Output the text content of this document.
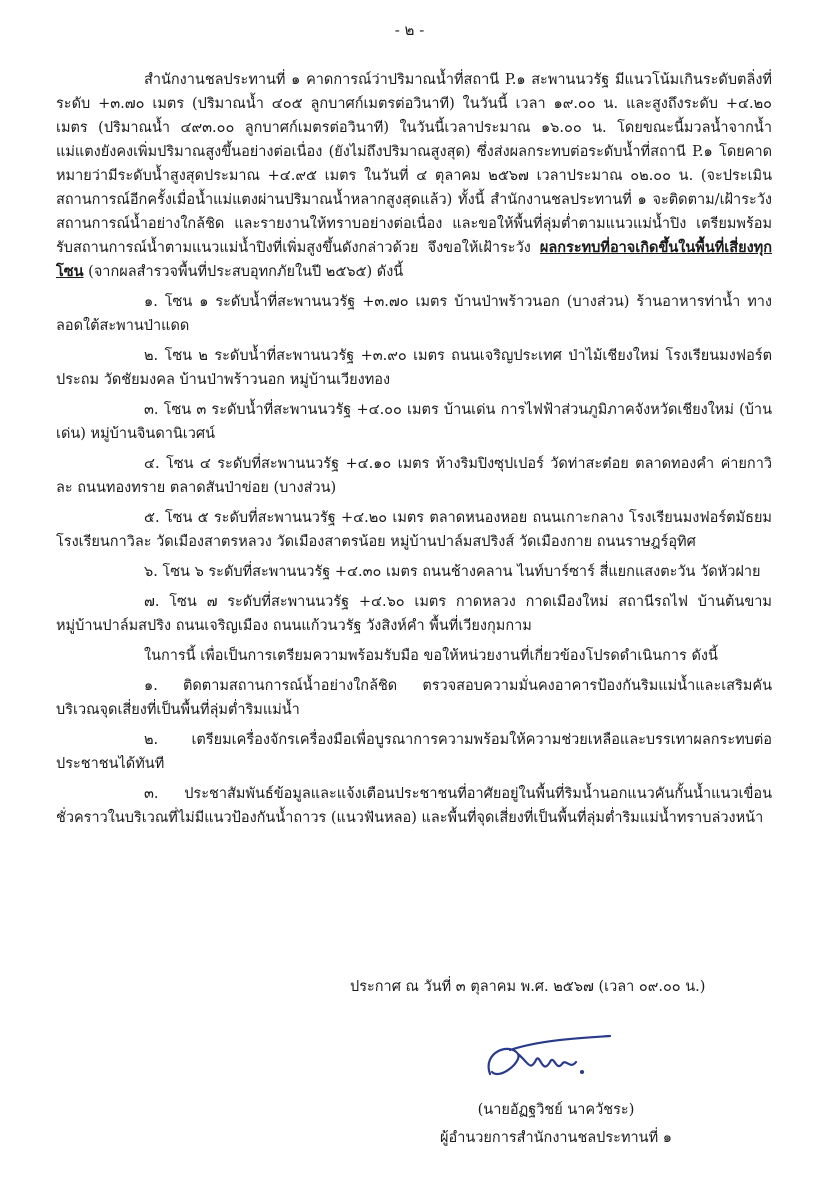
- ๒ -

สำนักงานชลประทานที่ ๑ คาดการณ์ว่าปริมาณน้ำที่สถานี P.๑ สะพานนวรัฐ มีแนวโน้มเกินระดับตลิ่งที่ระดับ +๓.๗๐ เมตร (ปริมาณน้ำ ๔๐๕ ลูกบาศก์เมตรต่อวินาที) ในวันนี้ เวลา ๑๙.๐๐ น. และสูงถึงระดับ +๔.๒๐ เมตร (ปริมาณน้ำ ๔๙๓.๐๐ ลูกบาศก์เมตรต่อวินาที) ในวันนี้เวลาประมาณ ๑๖.๐๐ น. โดยขณะนี้มวลน้ำจากน้ำแม่แตงยังคงเพิ่มปริมาณสูงขึ้นอย่างต่อเนื่อง (ยังไม่ถึงปริมาณสูงสุด) ซึ่งส่งผลกระทบต่อระดับน้ำที่สถานี P.๑ โดยคาดหมายว่ามีระดับน้ำสูงสุดประมาณ +๔.๙๕ เมตร ในวันที่ ๔ ตุลาคม ๒๕๖๗ เวลาประมาณ ๐๒.๐๐ น. (จะประเมินสถานการณ์อีกครั้งเมื่อน้ำแม่แตงผ่านปริมาณน้ำหลากสูงสุดแล้ว) ทั้งนี้ สำนักงานชลประทานที่ ๑ จะติดตาม/เฝ้าระวังสถานการณ์น้ำอย่างใกล้ชิด และรายงานให้ทราบอย่างต่อเนื่อง และขอให้พื้นที่ลุ่มต่ำตามแนวแม่น้ำปิง เตรียมพร้อมรับสถานการณ์น้ำตามแนวแม่น้ำปิงที่เพิ่มสูงขึ้นดังกล่าวด้วย จึงขอให้เฝ้าระวัง ผลกระทบที่อาจเกิดขึ้นในพื้นที่เสี่ยงทุกโซน (จากผลสำรวจพื้นที่ประสบอุทกภัยในปี ๒๕๖๕) ดังนี้

๑. โซน ๑ ระดับน้ำที่สะพานนวรัฐ +๓.๗๐ เมตร บ้านป่าพร้าวนอก (บางส่วน) ร้านอาหารท่าน้ำ ทางลอดใต้สะพานป่าแดด

๒. โซน ๒ ระดับน้ำที่สะพานนวรัฐ +๓.๙๐ เมตร ถนนเจริญประเทศ ป่าไม้เชียงใหม่ โรงเรียนมงฟอร์ตประถม วัดชัยมงคล บ้านป่าพร้าวนอก หมู่บ้านเวียงทอง

๓. โซน ๓ ระดับน้ำที่สะพานนวรัฐ +๔.๐๐ เมตร บ้านเด่น การไฟฟ้าส่วนภูมิภาคจังหวัดเชียงใหม่ (บ้านเด่น) หมู่บ้านจินดานิเวศน์

๔. โซน ๔ ระดับที่สะพานนวรัฐ +๔.๑๐ เมตร ห้างริมปิงซุปเปอร์ วัดท่าสะต๋อย ตลาดทองคำ ค่ายกาวิละ ถนนทองทราย ตลาดสันป่าข่อย (บางส่วน)

๕. โซน ๕ ระดับที่สะพานนวรัฐ +๔.๒๐ เมตร ตลาดหนองหอย ถนนเกาะกลาง โรงเรียนมงฟอร์ตมัธยม โรงเรียนกาวิละ วัดเมืองสาตรหลวง วัดเมืองสาตรน้อย หมู่บ้านปาล์มสปริงส์ วัดเมืองกาย ถนนราษฎร์อุทิศ

๖. โซน ๖ ระดับที่สะพานนวรัฐ +๔.๓๐ เมตร ถนนช้างคลาน ไนท์บาร์ซาร์ สี่แยกแสงตะวัน วัดหัวฝาย

๗. โซน ๗ ระดับที่สะพานนวรัฐ +๔.๖๐ เมตร กาดหลวง กาดเมืองใหม่ สถานีรถไฟ บ้านต้นขาม หมู่บ้านปาล์มสปริง ถนนเจริญเมือง ถนนแก้วนวรัฐ วังสิงห์คำ พื้นที่เวียงกุมกาม

ในการนี้ เพื่อเป็นการเตรียมความพร้อมรับมือ ขอให้หน่วยงานที่เกี่ยวข้องโปรดดำเนินการ ดังนี้

๑. ติดตามสถานการณ์น้ำอย่างใกล้ชิด ตรวจสอบความมั่นคงอาคารป้องกันริมแม่น้ำและเสริมคันบริเวณจุดเสี่ยงที่เป็นพื้นที่ลุ่มต่ำริมแม่น้ำ

๒. เตรียมเครื่องจักรเครื่องมือเพื่อบูรณาการความพร้อมให้ความช่วยเหลือและบรรเทาผลกระทบต่อประชาชนได้ทันที

๓. ประชาสัมพันธ์ข้อมูลและแจ้งเตือนประชาชนที่อาศัยอยู่ในพื้นที่ริมน้ำนอกแนวคันกั้นน้ำแนวเขื่อนชั่วคราวในบริเวณที่ไม่มีแนวป้องกันน้ำถาวร (แนวฟันหลอ) และพื้นที่จุดเสี่ยงที่เป็นพื้นที่ลุ่มต่ำริมแม่น้ำทราบล่วงหน้า

ประกาศ ณ วันที่ ๓ ตุลาคม พ.ศ. ๒๕๖๗ (เวลา ๐๙.๐๐ น.)
(นายอัฏฐวิชย์ นาควัชระ)
ผู้อำนวยการสำนักงานชลประทานที่ ๑
